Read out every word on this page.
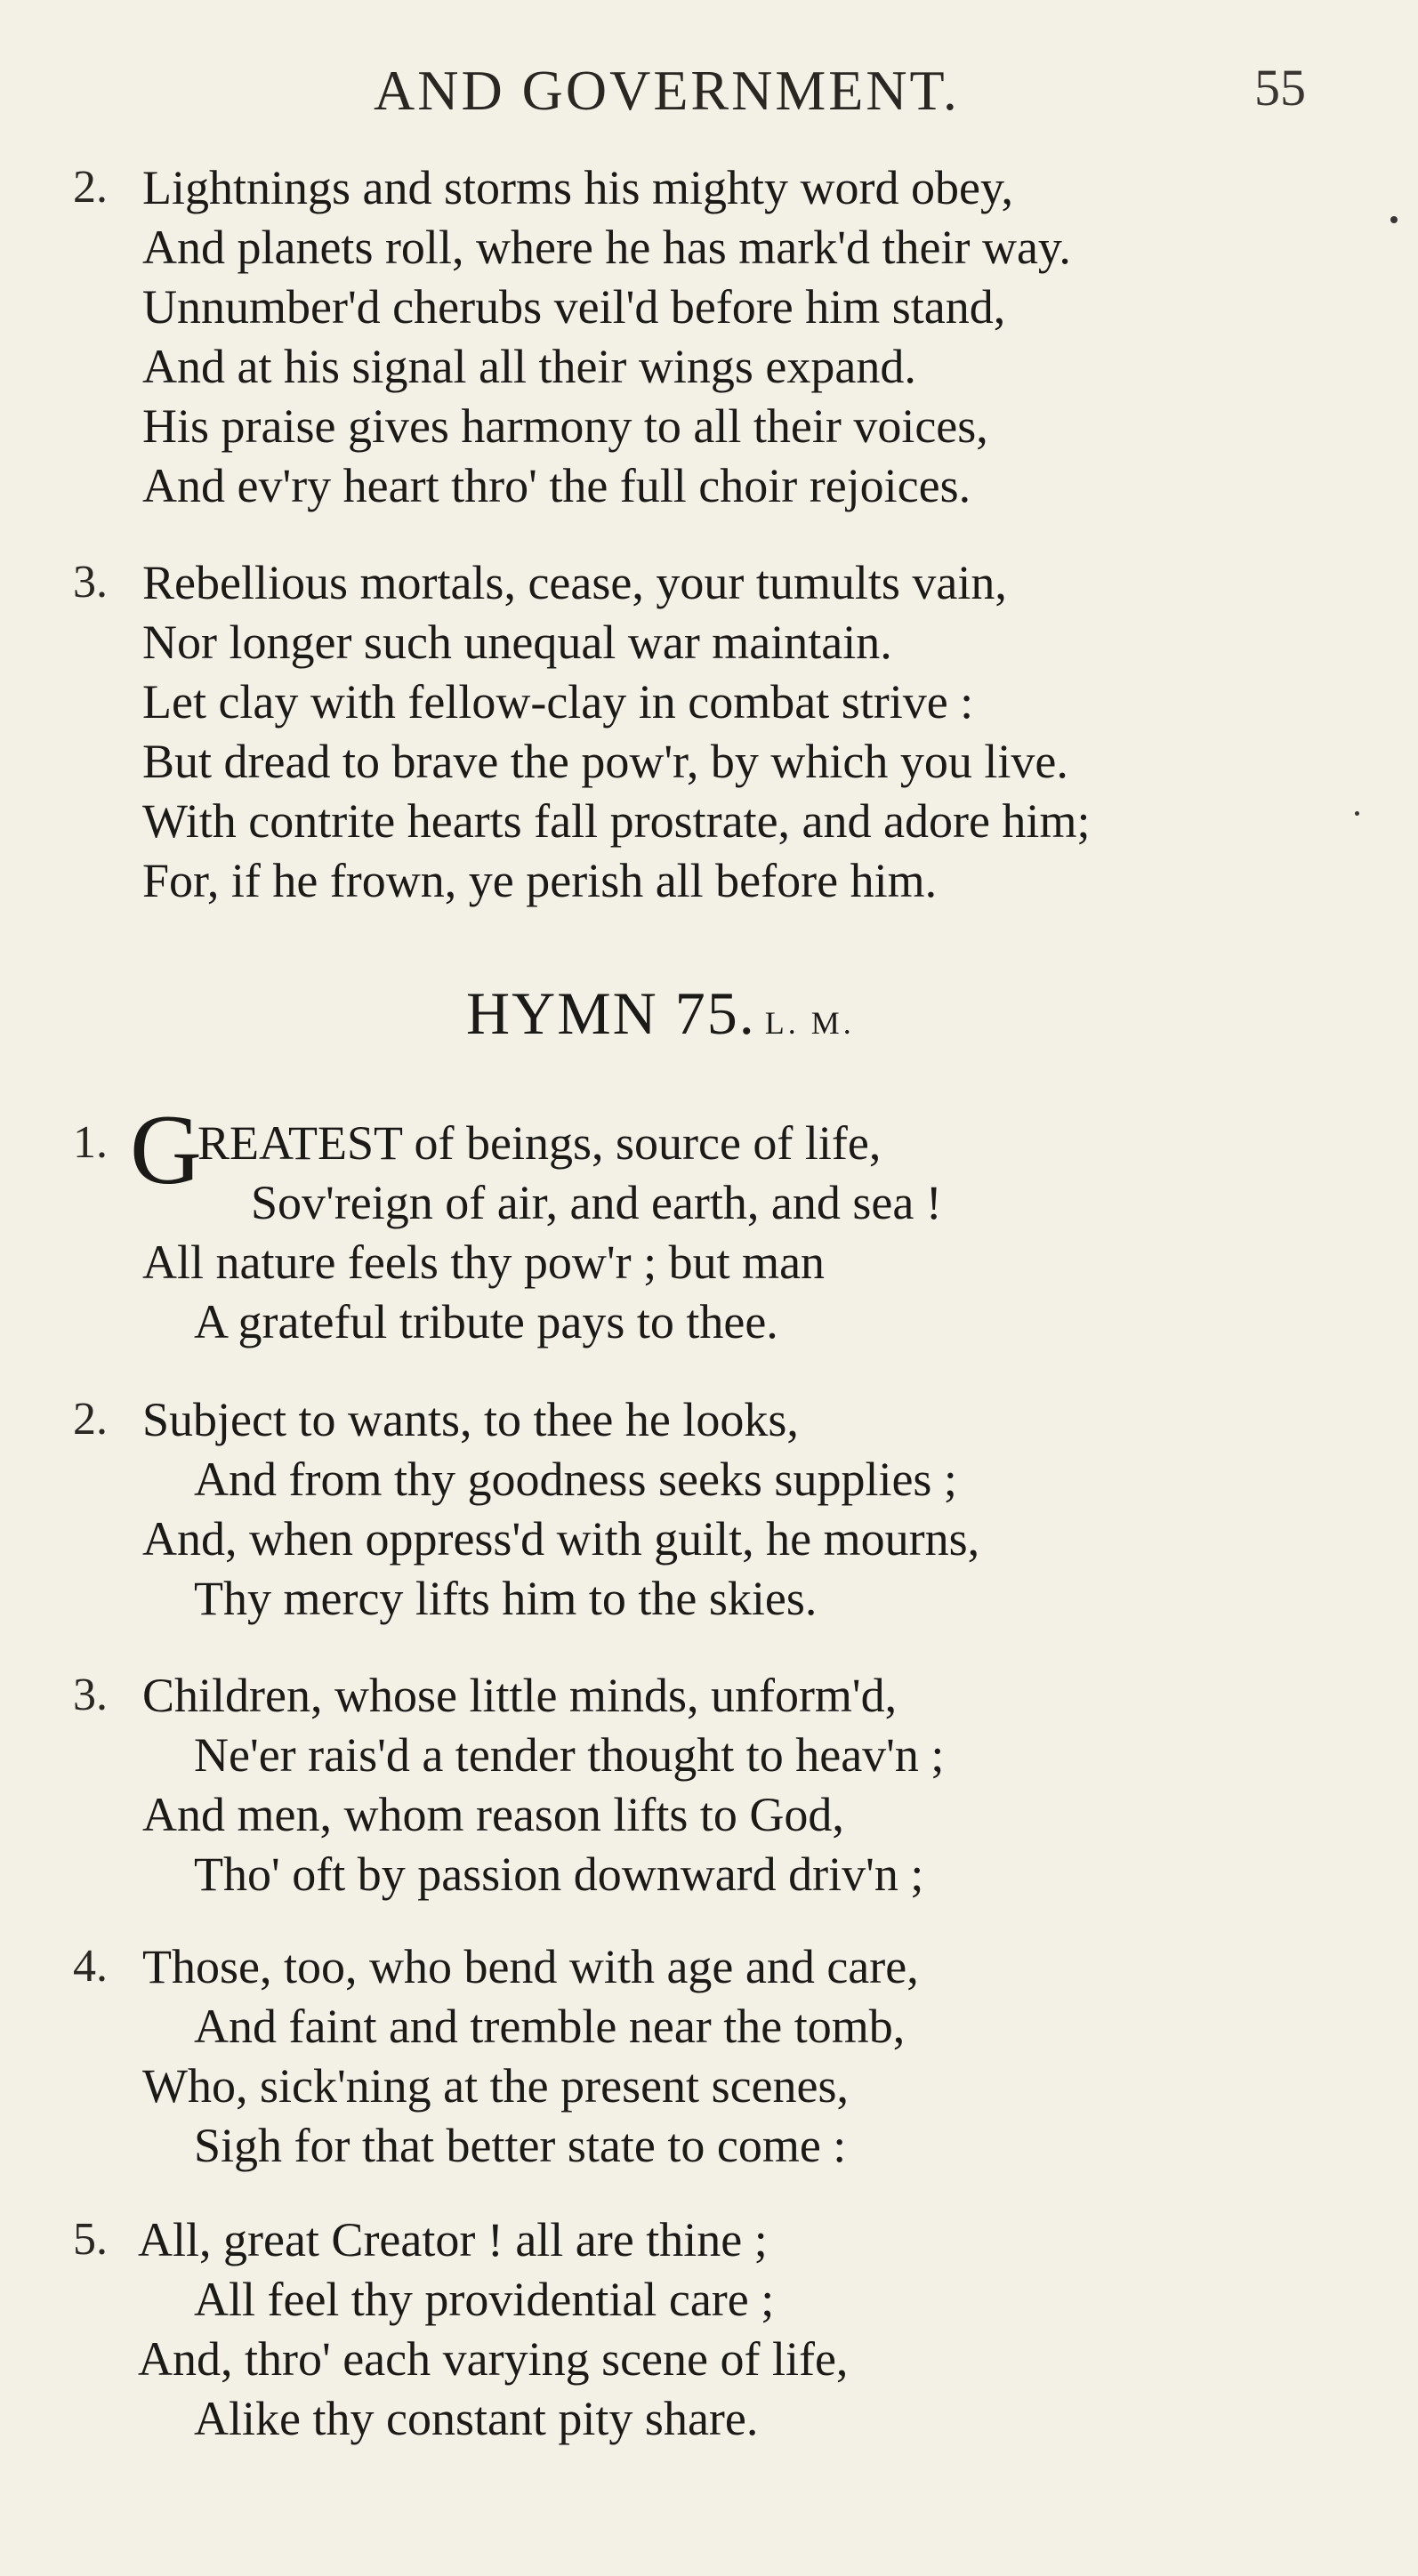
AND GOVERNMENT.	55
2. Lightnings and storms his mighty word obey,
And planets roll, where he has mark'd their way.
Unnumber'd cherubs veil'd before him stand,
And at his signal all their wings expand.
His praise gives harmony to all their voices,
And ev'ry heart thro' the full choir rejoices.
3. Rebellious mortals, cease, your tumults vain,
Nor longer such unequal war maintain.
Let clay with fellow-clay in combat strive :
But dread to brave the pow'r, by which you live.
With contrite hearts fall prostrate, and adore him;
For, if he frown, ye perish all before him.
HYMN 75. L. M.
1. G
REATEST of beings, source of life,
Sov'reign of air, and earth, and sea !
All nature feels thy pow'r ; but man
A grateful tribute pays to thee.
2. Subject to wants, to thee he looks,
And from thy goodness seeks supplies ;
And, when oppress'd with guilt, he mourns,
Thy mercy lifts him to the skies.
3. Children, whose little minds, unform'd,
Ne'er rais'd a tender thought to heav'n ;
And men, whom reason lifts to God,
Tho' oft by passion downward driv'n ;
4. Those, too, who bend with age and care,
And faint and tremble near the tomb,
Who, sick'ning at the present scenes,
Sigh for that better state to come :
5. All, great Creator ! all are thine ;
All feel thy providential care ;
And, thro' each varying scene of life,
Alike thy constant pity share.
